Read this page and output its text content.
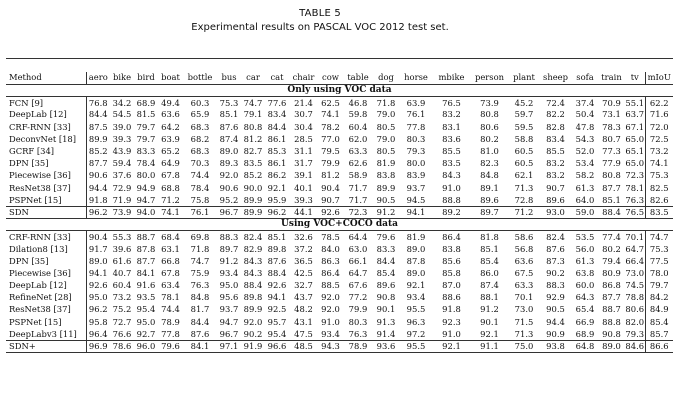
TABLE 5
Experimental results on PASCAL VOC 2012 test set.

Method	aero	bike	bird	boat	bottle	bus	car	cat	chair	cow	table	dog	horse	mbike	person	plant	sheep	sofa	train	tv	mIoU
Only using VOC data																					
FCN [9]	76.8	34.2	68.9	49.4	60.3	75.3	74.7	77.6	21.4	62.5	46.8	71.8	63.9	76.5	73.9	45.2	72.4	37.4	70.9	55.1	62.2
DeepLab [12]	84.4	54.5	81.5	63.6	65.9	85.1	79.1	83.4	30.7	74.1	59.8	79.0	76.1	83.2	80.8	59.7	82.2	50.4	73.1	63.7	71.6
CRF-RNN [33]	87.5	39.0	79.7	64.2	68.3	87.6	80.8	84.4	30.4	78.2	60.4	80.5	77.8	83.1	80.6	59.5	82.8	47.8	78.3	67.1	72.0
DeconvNet [18]	89.9	39.3	79.7	63.9	68.2	87.4	81.2	86.1	28.5	77.0	62.0	79.0	80.3	83.6	80.2	58.8	83.4	54.3	80.7	65.0	72.5
GCRF [34]	85.2	43.9	83.3	65.2	68.3	89.0	82.7	85.3	31.1	79.5	63.3	80.5	79.3	85.5	81.0	60.5	85.5	52.0	77.3	65.1	73.2
DPN [35]	87.7	59.4	78.4	64.9	70.3	89.3	83.5	86.1	31.7	79.9	62.6	81.9	80.0	83.5	82.3	60.5	83.2	53.4	77.9	65.0	74.1
Piecewise [36]	90.6	37.6	80.0	67.8	74.4	92.0	85.2	86.2	39.1	81.2	58.9	83.8	83.9	84.3	84.8	62.1	83.2	58.2	80.8	72.3	75.3
ResNet38 [37]	94.4	72.9	94.9	68.8	78.4	90.6	90.0	92.1	40.1	90.4	71.7	89.9	93.7	91.0	89.1	71.3	90.7	61.3	87.7	78.1	82.5
PSPNet [15]	91.8	71.9	94.7	71.2	75.8	95.2	89.9	95.9	39.3	90.7	71.7	90.5	94.5	88.8	89.6	72.8	89.6	64.0	85.1	76.3	82.6
SDN	96.2	73.9	94.0	74.1	76.1	96.7	89.9	96.2	44.1	92.6	72.3	91.2	94.1	89.2	89.7	71.2	93.0	59.0	88.4	76.5	83.5
Using VOC+COCO data																					
CRF-RNN [33]	90.4	55.3	88.7	68.4	69.8	88.3	82.4	85.1	32.6	78.5	64.4	79.6	81.9	86.4	81.8	58.6	82.4	53.5	77.4	70.1	74.7
Dilation8 [13]	91.7	39.6	87.8	63.1	71.8	89.7	82.9	89.8	37.2	84.0	63.0	83.3	89.0	83.8	85.1	56.8	87.6	56.0	80.2	64.7	75.3
DPN [35]	89.0	61.6	87.7	66.8	74.7	91.2	84.3	87.6	36.5	86.3	66.1	84.4	87.8	85.6	85.4	63.6	87.3	61.3	79.4	66.4	77.5
Piecewise [36]	94.1	40.7	84.1	67.8	75.9	93.4	84.3	88.4	42.5	86.4	64.7	85.4	89.0	85.8	86.0	67.5	90.2	63.8	80.9	73.0	78.0
DeepLab [12]	92.6	60.4	91.6	63.4	76.3	95.0	88.4	92.6	32.7	88.5	67.6	89.6	92.1	87.0	87.4	63.3	88.3	60.0	86.8	74.5	79.7
RefineNet [28]	95.0	73.2	93.5	78.1	84.8	95.6	89.8	94.1	43.7	92.0	77.2	90.8	93.4	88.6	88.1	70.1	92.9	64.3	87.7	78.8	84.2
ResNet38 [37]	96.2	75.2	95.4	74.4	81.7	93.7	89.9	92.5	48.2	92.0	79.9	90.1	95.5	91.8	91.2	73.0	90.5	65.4	88.7	80.6	84.9
PSPNet [15]	95.8	72.7	95.0	78.9	84.4	94.7	92.0	95.7	43.1	91.0	80.3	91.3	96.3	92.3	90.1	71.5	94.4	66.9	88.8	82.0	85.4
DeepLabv3 [11]	96.4	76.6	92.7	77.8	87.6	96.7	90.2	95.4	47.5	93.4	76.3	91.4	97.2	91.0	92.1	71.3	90.9	68.9	90.8	79.3	85.7
SDN+	96.9	78.6	96.0	79.6	84.1	97.1	91.9	96.6	48.5	94.3	78.9	93.6	95.5	92.1	91.1	75.0	93.8	64.8	89.0	84.6	86.6
